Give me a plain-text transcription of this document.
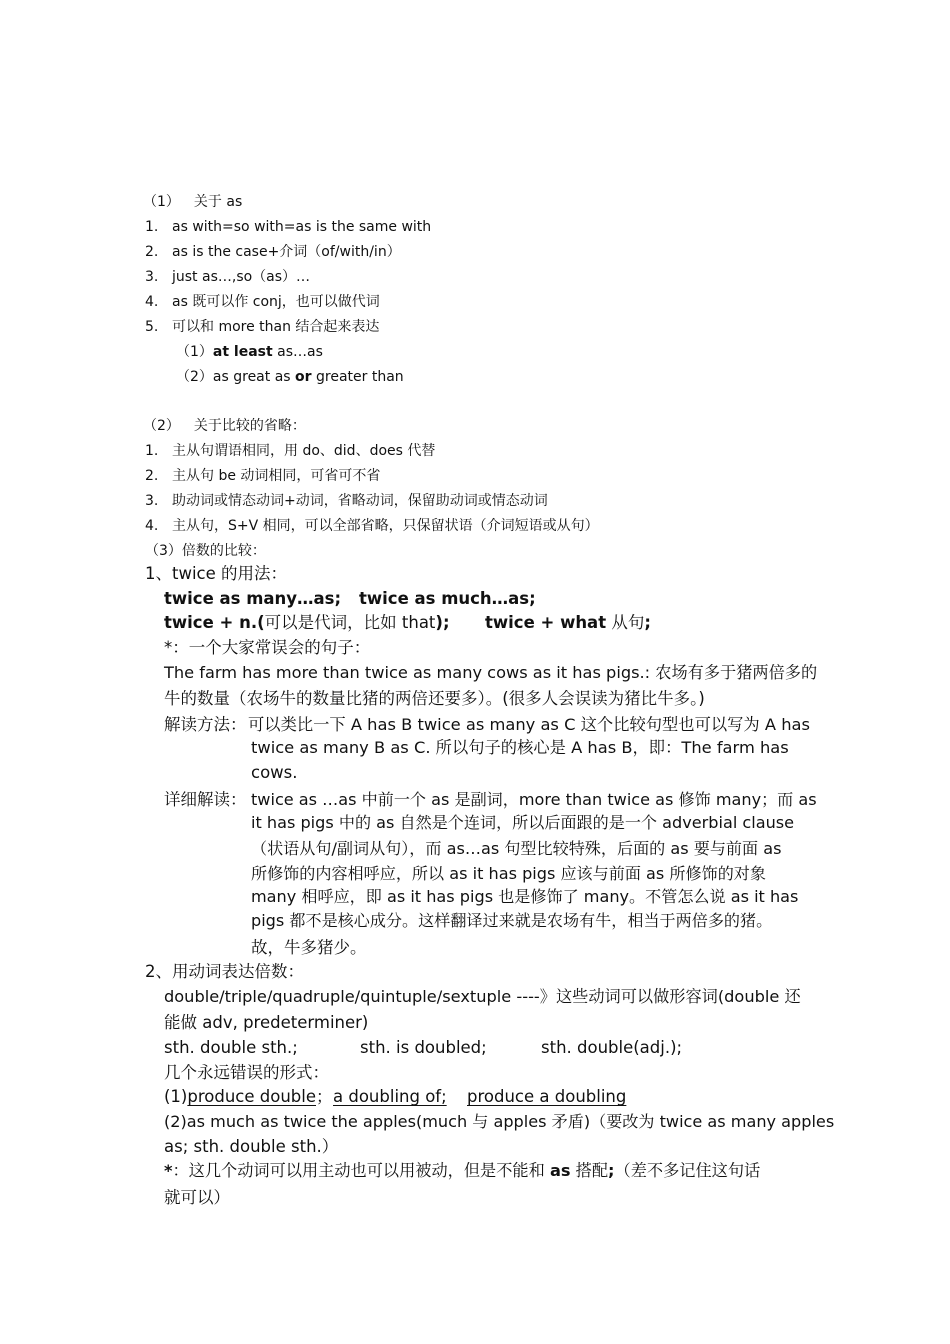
（1） 关于 as
1. as with=so with=as is the same with
2. as is the case+介词（of/with/in）
3. just as…,so（as）…
4. as 既可以作 conj，也可以做代词
5. 可以和 more than 结合起来表达
（1）at least as…as
（2）as great as or greater than
（2） 关于比较的省略：
1. 主从句谓语相同，用 do、did、does 代替
2. 主从句 be 动词相同，可省可不省
3. 助动词或情态动词+动词，省略动词，保留助动词或情态动词
4. 主从句，S+V 相同，可以全部省略，只保留状语（介词短语或从句）
（3）倍数的比较：
1、twice 的用法：
twice as many…as; twice as much…as;
twice + n.(可以是代词，比如 that); twice + what 从句;
*：一个大家常误会的句子：
The farm has more than twice as many cows as it has pigs.: 农场有多于猪两倍多的
牛的数量（农场牛的数量比猪的两倍还要多）。(很多人会误读为猪比牛多。)
解读方法： 可以类比一下 A has B twice as many as C 这个比较句型也可以写为 A has
twice as many B as C. 所以句子的核心是 A has B，即：The farm has
cows.
详细解读： twice as …as 中前一个 as 是副词，more than twice as 修饰 many；而 as
it has pigs 中的 as 自然是个连词，所以后面跟的是一个 adverbial clause
（状语从句/副词从句），而 as…as 句型比较特殊，后面的 as 要与前面 as
所修饰的内容相呼应，所以 as it has pigs 应该与前面 as 所修饰的对象
many 相呼应，即 as it has pigs 也是修饰了 many。不管怎么说 as it has
pigs 都不是核心成分。这样翻译过来就是农场有牛，相当于两倍多的猪。
故，牛多猪少。
2、用动词表达倍数：
double/triple/quadruple/quintuple/sextuple ----》这些动词可以做形容词(double 还
能做 adv, predeterminer)
sth. double sth.;	sth. is doubled;	sth. double(adj.);
几个永远错误的形式：
(1)produce double； a doubling of; produce a doubling
(2)as much as twice the apples(much 与 apples 矛盾)（要改为 twice as many apples
as; sth. double sth.）
*：这几个动词可以用主动也可以用被动，但是不能和 as 搭配;（差不多记住这句话
就可以）
